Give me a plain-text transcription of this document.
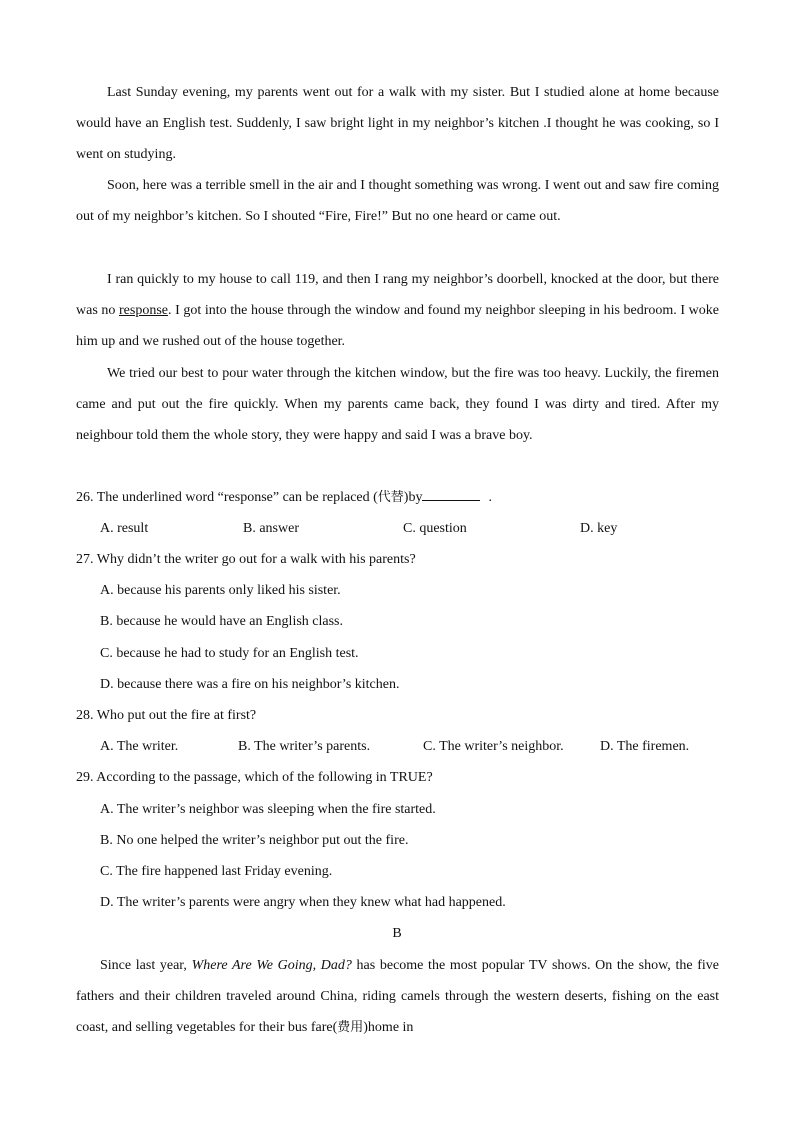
Last Sunday evening, my parents went out for a walk with my sister. But I studied alone at home because would have an English test. Suddenly, I saw bright light in my neighbor’s kitchen .I thought he was cooking, so I went on studying.

Soon, here was a terrible smell in the air and I thought something was wrong. I went out and saw fire coming out of my neighbor’s kitchen. So I shouted “Fire, Fire!” But no one heard or came out.

I ran quickly to my house to call 119, and then I rang my neighbor’s doorbell, knocked at the door, but there was no response. I got into the house through the window and found my neighbor sleeping in his bedroom. I woke him up and we rushed out of the house together.

We tried our best to pour water through the kitchen window, but the fire was too heavy. Luckily, the firemen came and put out the fire quickly. When my parents came back, they found I was dirty and tired. After my neighbour told them the whole story, they were happy and said I was a brave boy.

26. The underlined word “response” can be replaced (代替)by	.
A. result	B. answer	C. question	D. key
27. Why didn’t the writer go out for a walk with his parents?
A. because his parents only liked his sister.
B. because he would have an English class.
C. because he had to study for an English test.
D. because there was a fire on his neighbor’s kitchen.
28. Who put out the fire at first?
A. The writer.	B. The writer’s parents.	C. The writer’s neighbor.	D. The firemen.
29. According to the passage, which of the following in TRUE?
A. The writer’s neighbor was sleeping when the fire started.
B. No one helped the writer’s neighbor put out the fire.
C. The fire happened last Friday evening.
D. The writer’s parents were angry when they knew what had happened.
B

Since last year, Where Are We Going, Dad? has become the most popular TV shows. On the show, the five fathers and their children traveled around China, riding camels through the western deserts, fishing on the east coast, and selling vegetables for their bus fare(费用)home in
